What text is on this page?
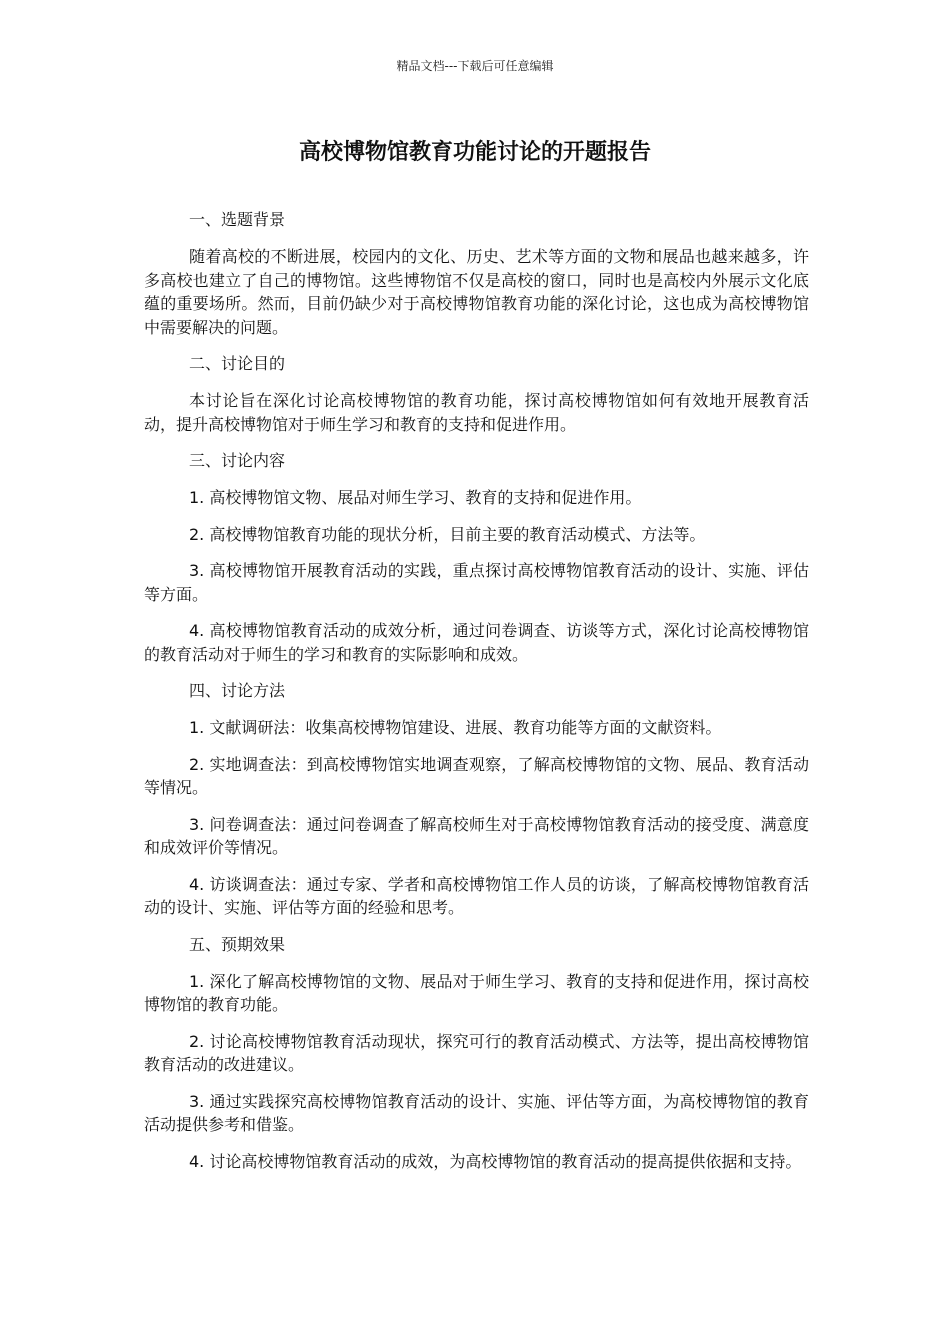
精品文档---下载后可任意编辑
高校博物馆教育功能讨论的开题报告

一、选题背景

随着高校的不断进展，校园内的文化、历史、艺术等方面的文物和展品也越来越多，许多高校也建立了自己的博物馆。这些博物馆不仅是高校的窗口，同时也是高校内外展示文化底蕴的重要场所。然而，目前仍缺少对于高校博物馆教育功能的深化讨论，这也成为高校博物馆中需要解决的问题。

二、讨论目的

本讨论旨在深化讨论高校博物馆的教育功能，探讨高校博物馆如何有效地开展教育活动，提升高校博物馆对于师生学习和教育的支持和促进作用。

三、讨论内容

1. 高校博物馆文物、展品对师生学习、教育的支持和促进作用。

2. 高校博物馆教育功能的现状分析，目前主要的教育活动模式、方法等。

3. 高校博物馆开展教育活动的实践，重点探讨高校博物馆教育活动的设计、实施、评估等方面。

4. 高校博物馆教育活动的成效分析，通过问卷调查、访谈等方式，深化讨论高校博物馆的教育活动对于师生的学习和教育的实际影响和成效。

四、讨论方法

1. 文献调研法：收集高校博物馆建设、进展、教育功能等方面的文献资料。

2. 实地调查法：到高校博物馆实地调查观察，了解高校博物馆的文物、展品、教育活动等情况。

3. 问卷调查法：通过问卷调查了解高校师生对于高校博物馆教育活动的接受度、满意度和成效评价等情况。

4. 访谈调查法：通过专家、学者和高校博物馆工作人员的访谈，了解高校博物馆教育活动的设计、实施、评估等方面的经验和思考。

五、预期效果

1. 深化了解高校博物馆的文物、展品对于师生学习、教育的支持和促进作用，探讨高校博物馆的教育功能。

2. 讨论高校博物馆教育活动现状，探究可行的教育活动模式、方法等，提出高校博物馆教育活动的改进建议。

3. 通过实践探究高校博物馆教育活动的设计、实施、评估等方面，为高校博物馆的教育活动提供参考和借鉴。

4. 讨论高校博物馆教育活动的成效，为高校博物馆的教育活动的提高提供依据和支持。
